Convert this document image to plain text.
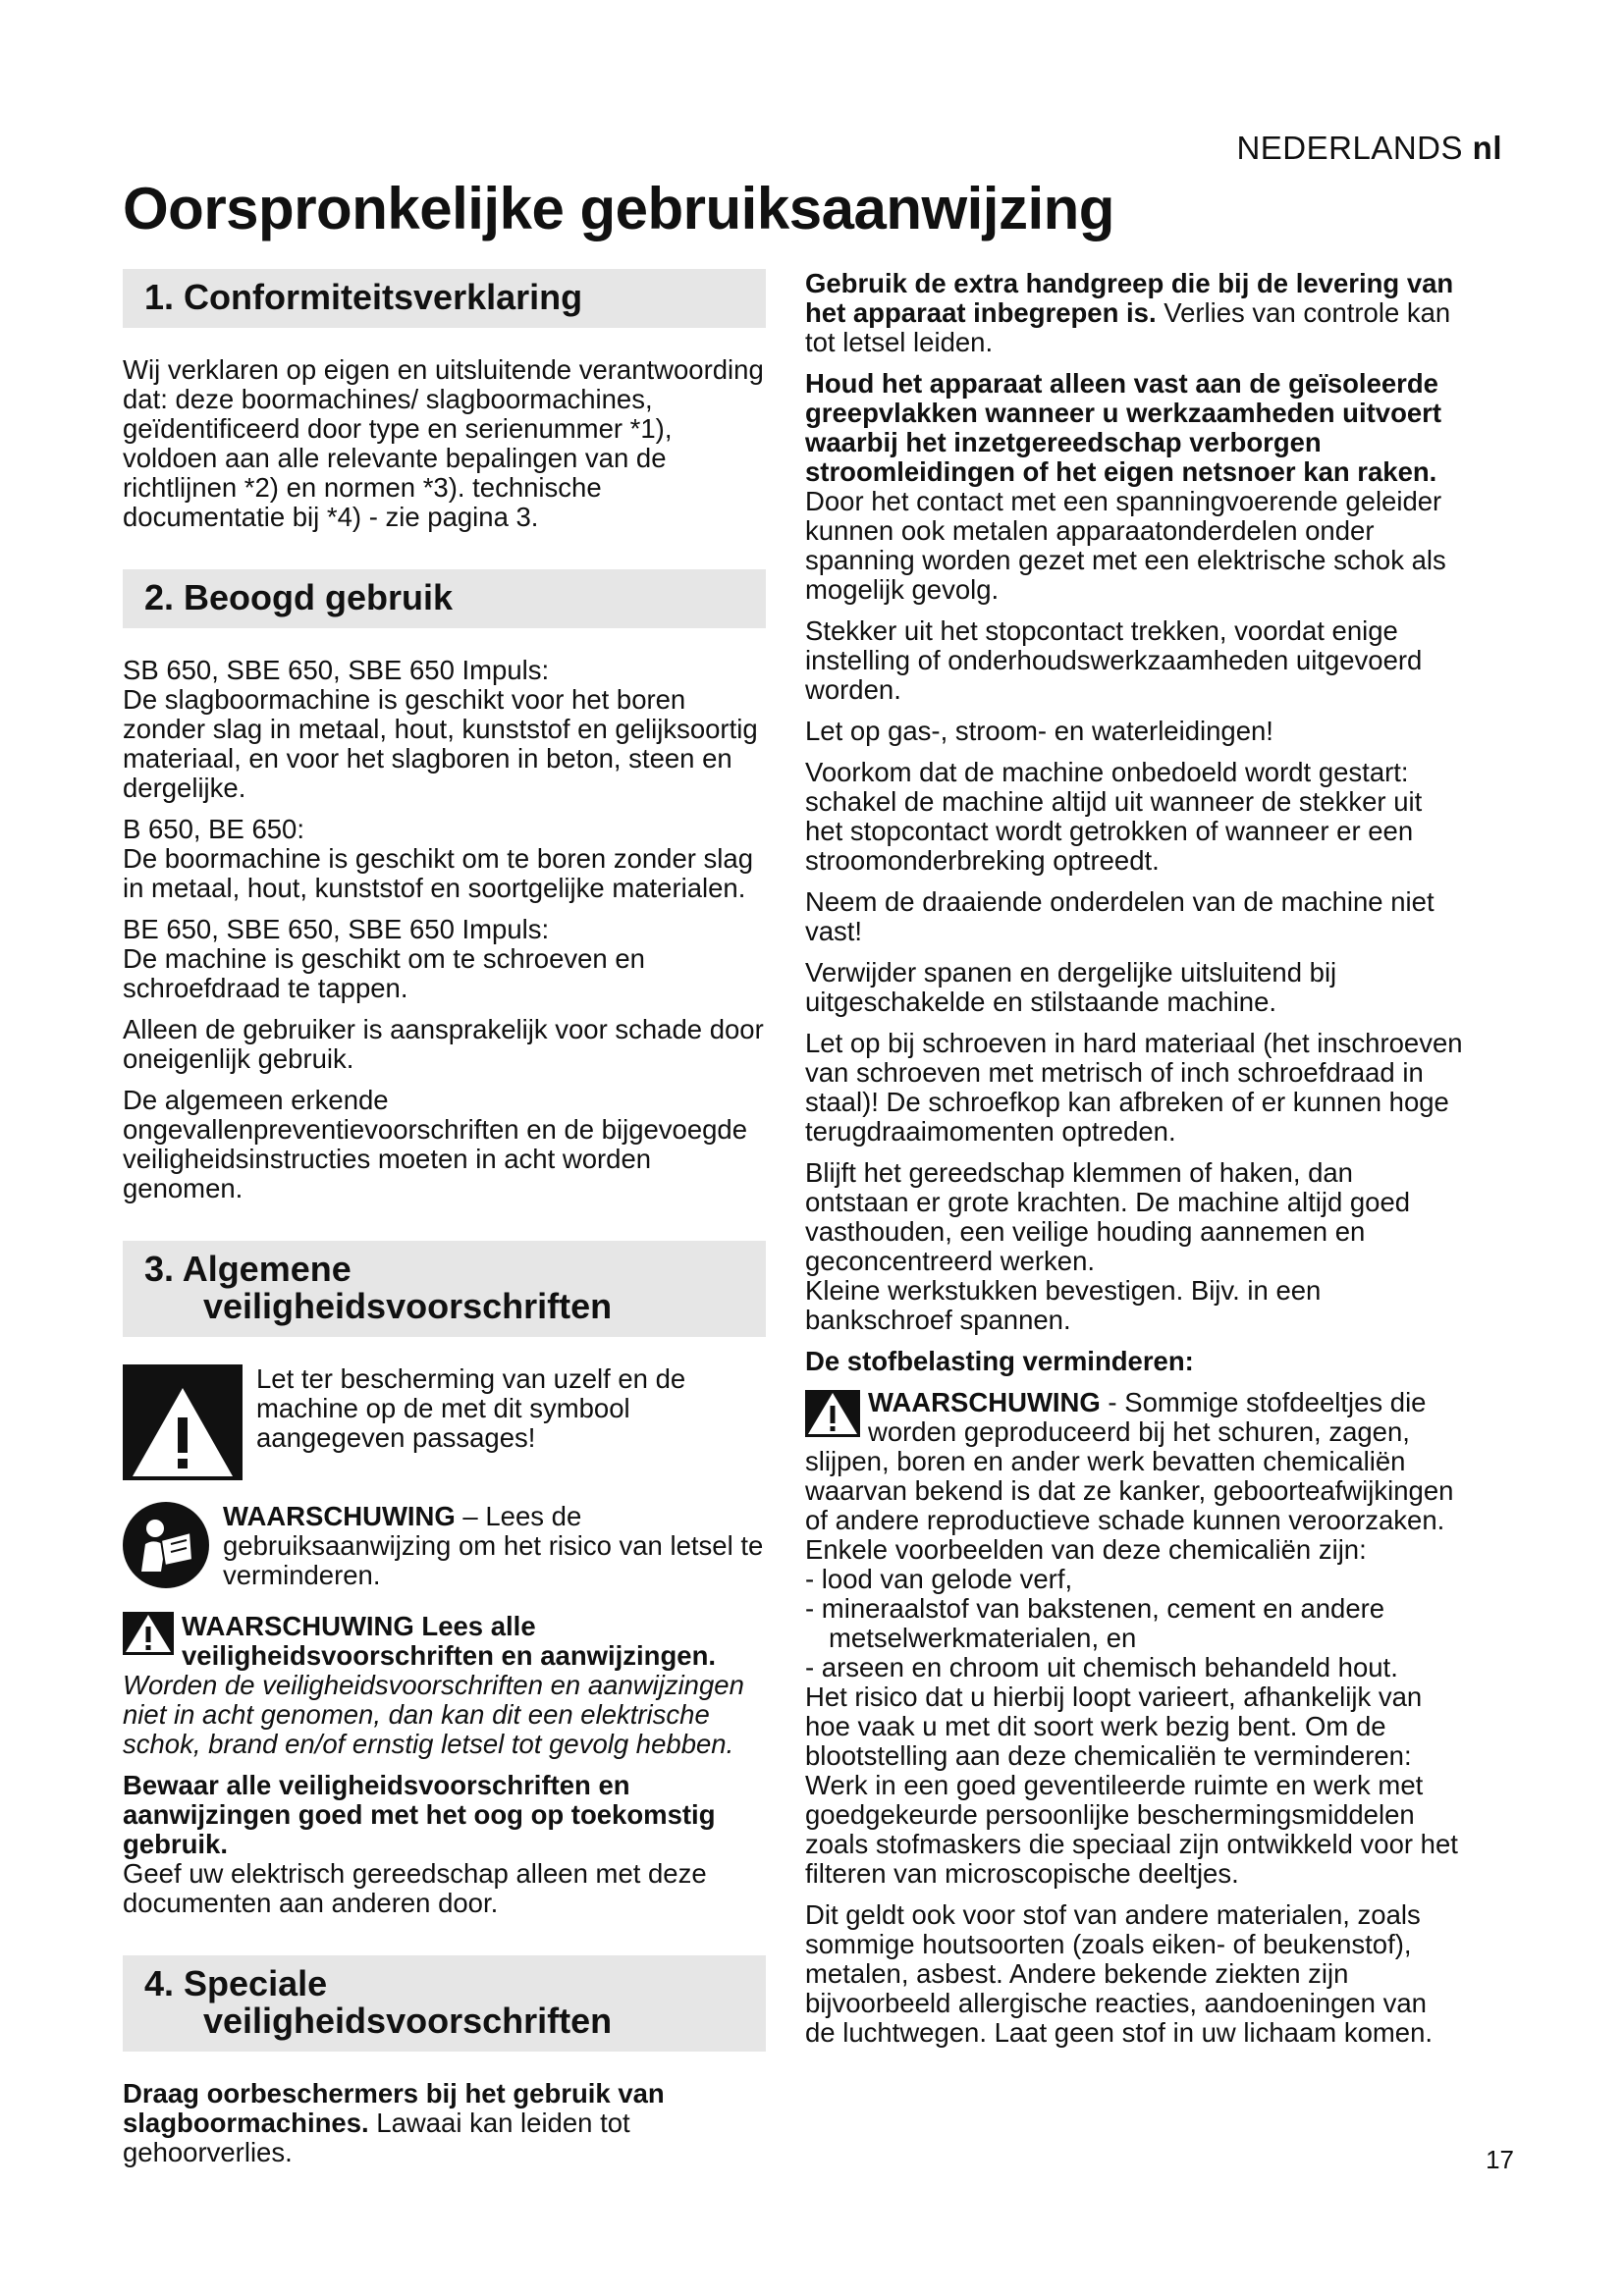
NEDERLANDS nl
Oorspronkelijke gebruiksaanwijzing
1. Conformiteitsverklaring

Wij verklaren op eigen en uitsluitende verantwoording dat: deze boormachines/ slagboormachines, geïdentificeerd door type en serienummer *1), voldoen aan alle relevante bepalingen van de richtlijnen *2) en normen *3). technische documentatie bij *4) - zie pagina 3.

2. Beoogd gebruik

SB 650, SBE 650, SBE 650 Impuls:
De slagboormachine is geschikt voor het boren zonder slag in metaal, hout, kunststof en gelijksoortig materiaal, en voor het slagboren in beton, steen en dergelijke.

B 650, BE 650:
De boormachine is geschikt om te boren zonder slag in metaal, hout, kunststof en soortgelijke materialen.

BE 650, SBE 650, SBE 650 Impuls:
De machine is geschikt om te schroeven en schroefdraad te tappen.

Alleen de gebruiker is aansprakelijk voor schade door oneigenlijk gebruik.

De algemeen erkende ongevallenpreventievoorschriften en de bijgevoegde veiligheidsinstructies moeten in acht worden genomen.

3. Algemene
veiligheidsvoorschriften
Let ter bescherming van uzelf en de machine op de met dit symbool aangegeven passages!
WAARSCHUWING – Lees de gebruiksaanwijzing om het risico van letsel te verminderen.

WAARSCHUWING Lees alle veiligheidsvoorschriften en aanwijzingen. Worden de veiligheidsvoorschriften en aanwijzingen niet in acht genomen, dan kan dit een elektrische schok, brand en/of ernstig letsel tot gevolg hebben.

Bewaar alle veiligheidsvoorschriften en aanwijzingen goed met het oog op toekomstig gebruik.
Geef uw elektrisch gereedschap alleen met deze documenten aan anderen door.

4. Speciale
veiligheidsvoorschriften

Draag oorbeschermers bij het gebruik van slagboormachines. Lawaai kan leiden tot gehoorverlies.

Gebruik de extra handgreep die bij de levering van het apparaat inbegrepen is. Verlies van controle kan tot letsel leiden.

Houd het apparaat alleen vast aan de geïsoleerde greepvlakken wanneer u werkzaamheden uitvoert waarbij het inzetgereedschap verborgen stroomleidingen of het eigen netsnoer kan raken. Door het contact met een spanningvoerende geleider kunnen ook metalen apparaatonderdelen onder spanning worden gezet met een elektrische schok als mogelijk gevolg.

Stekker uit het stopcontact trekken, voordat enige instelling of onderhoudswerkzaamheden uitgevoerd worden.

Let op gas-, stroom- en waterleidingen!

Voorkom dat de machine onbedoeld wordt gestart: schakel de machine altijd uit wanneer de stekker uit het stopcontact wordt getrokken of wanneer er een stroomonderbreking optreedt.

Neem de draaiende onderdelen van de machine niet vast!

Verwijder spanen en dergelijke uitsluitend bij uitgeschakelde en stilstaande machine.

Let op bij schroeven in hard materiaal (het inschroeven van schroeven met metrisch of inch schroefdraad in staal)! De schroefkop kan afbreken of er kunnen hoge terugdraaimomenten optreden.

Blijft het gereedschap klemmen of haken, dan ontstaan er grote krachten. De machine altijd goed vasthouden, een veilige houding aannemen en geconcentreerd werken.

Kleine werkstukken bevestigen. Bijv. in een bankschroef spannen.

De stofbelasting verminderen:

WAARSCHUWING - Sommige stofdeeltjes die worden geproduceerd bij het schuren, zagen, slijpen, boren en ander werk bevatten chemicaliën waarvan bekend is dat ze kanker, geboorteafwijkingen of andere reproductieve schade kunnen veroorzaken. Enkele voorbeelden van deze chemicaliën zijn:

- lood van gelode verf,
- mineraalstof van bakstenen, cement en andere
metselwerkmaterialen, en
- arseen en chroom uit chemisch behandeld hout.

Het risico dat u hierbij loopt varieert, afhankelijk van hoe vaak u met dit soort werk bezig bent. Om de blootstelling aan deze chemicaliën te verminderen: Werk in een goed geventileerde ruimte en werk met goedgekeurde persoonlijke beschermingsmiddelen zoals stofmaskers die speciaal zijn ontwikkeld voor het filteren van microscopische deeltjes.

Dit geldt ook voor stof van andere materialen, zoals sommige houtsoorten (zoals eiken- of beukenstof), metalen, asbest. Andere bekende ziekten zijn bijvoorbeeld allergische reacties, aandoeningen van de luchtwegen. Laat geen stof in uw lichaam komen.

17
